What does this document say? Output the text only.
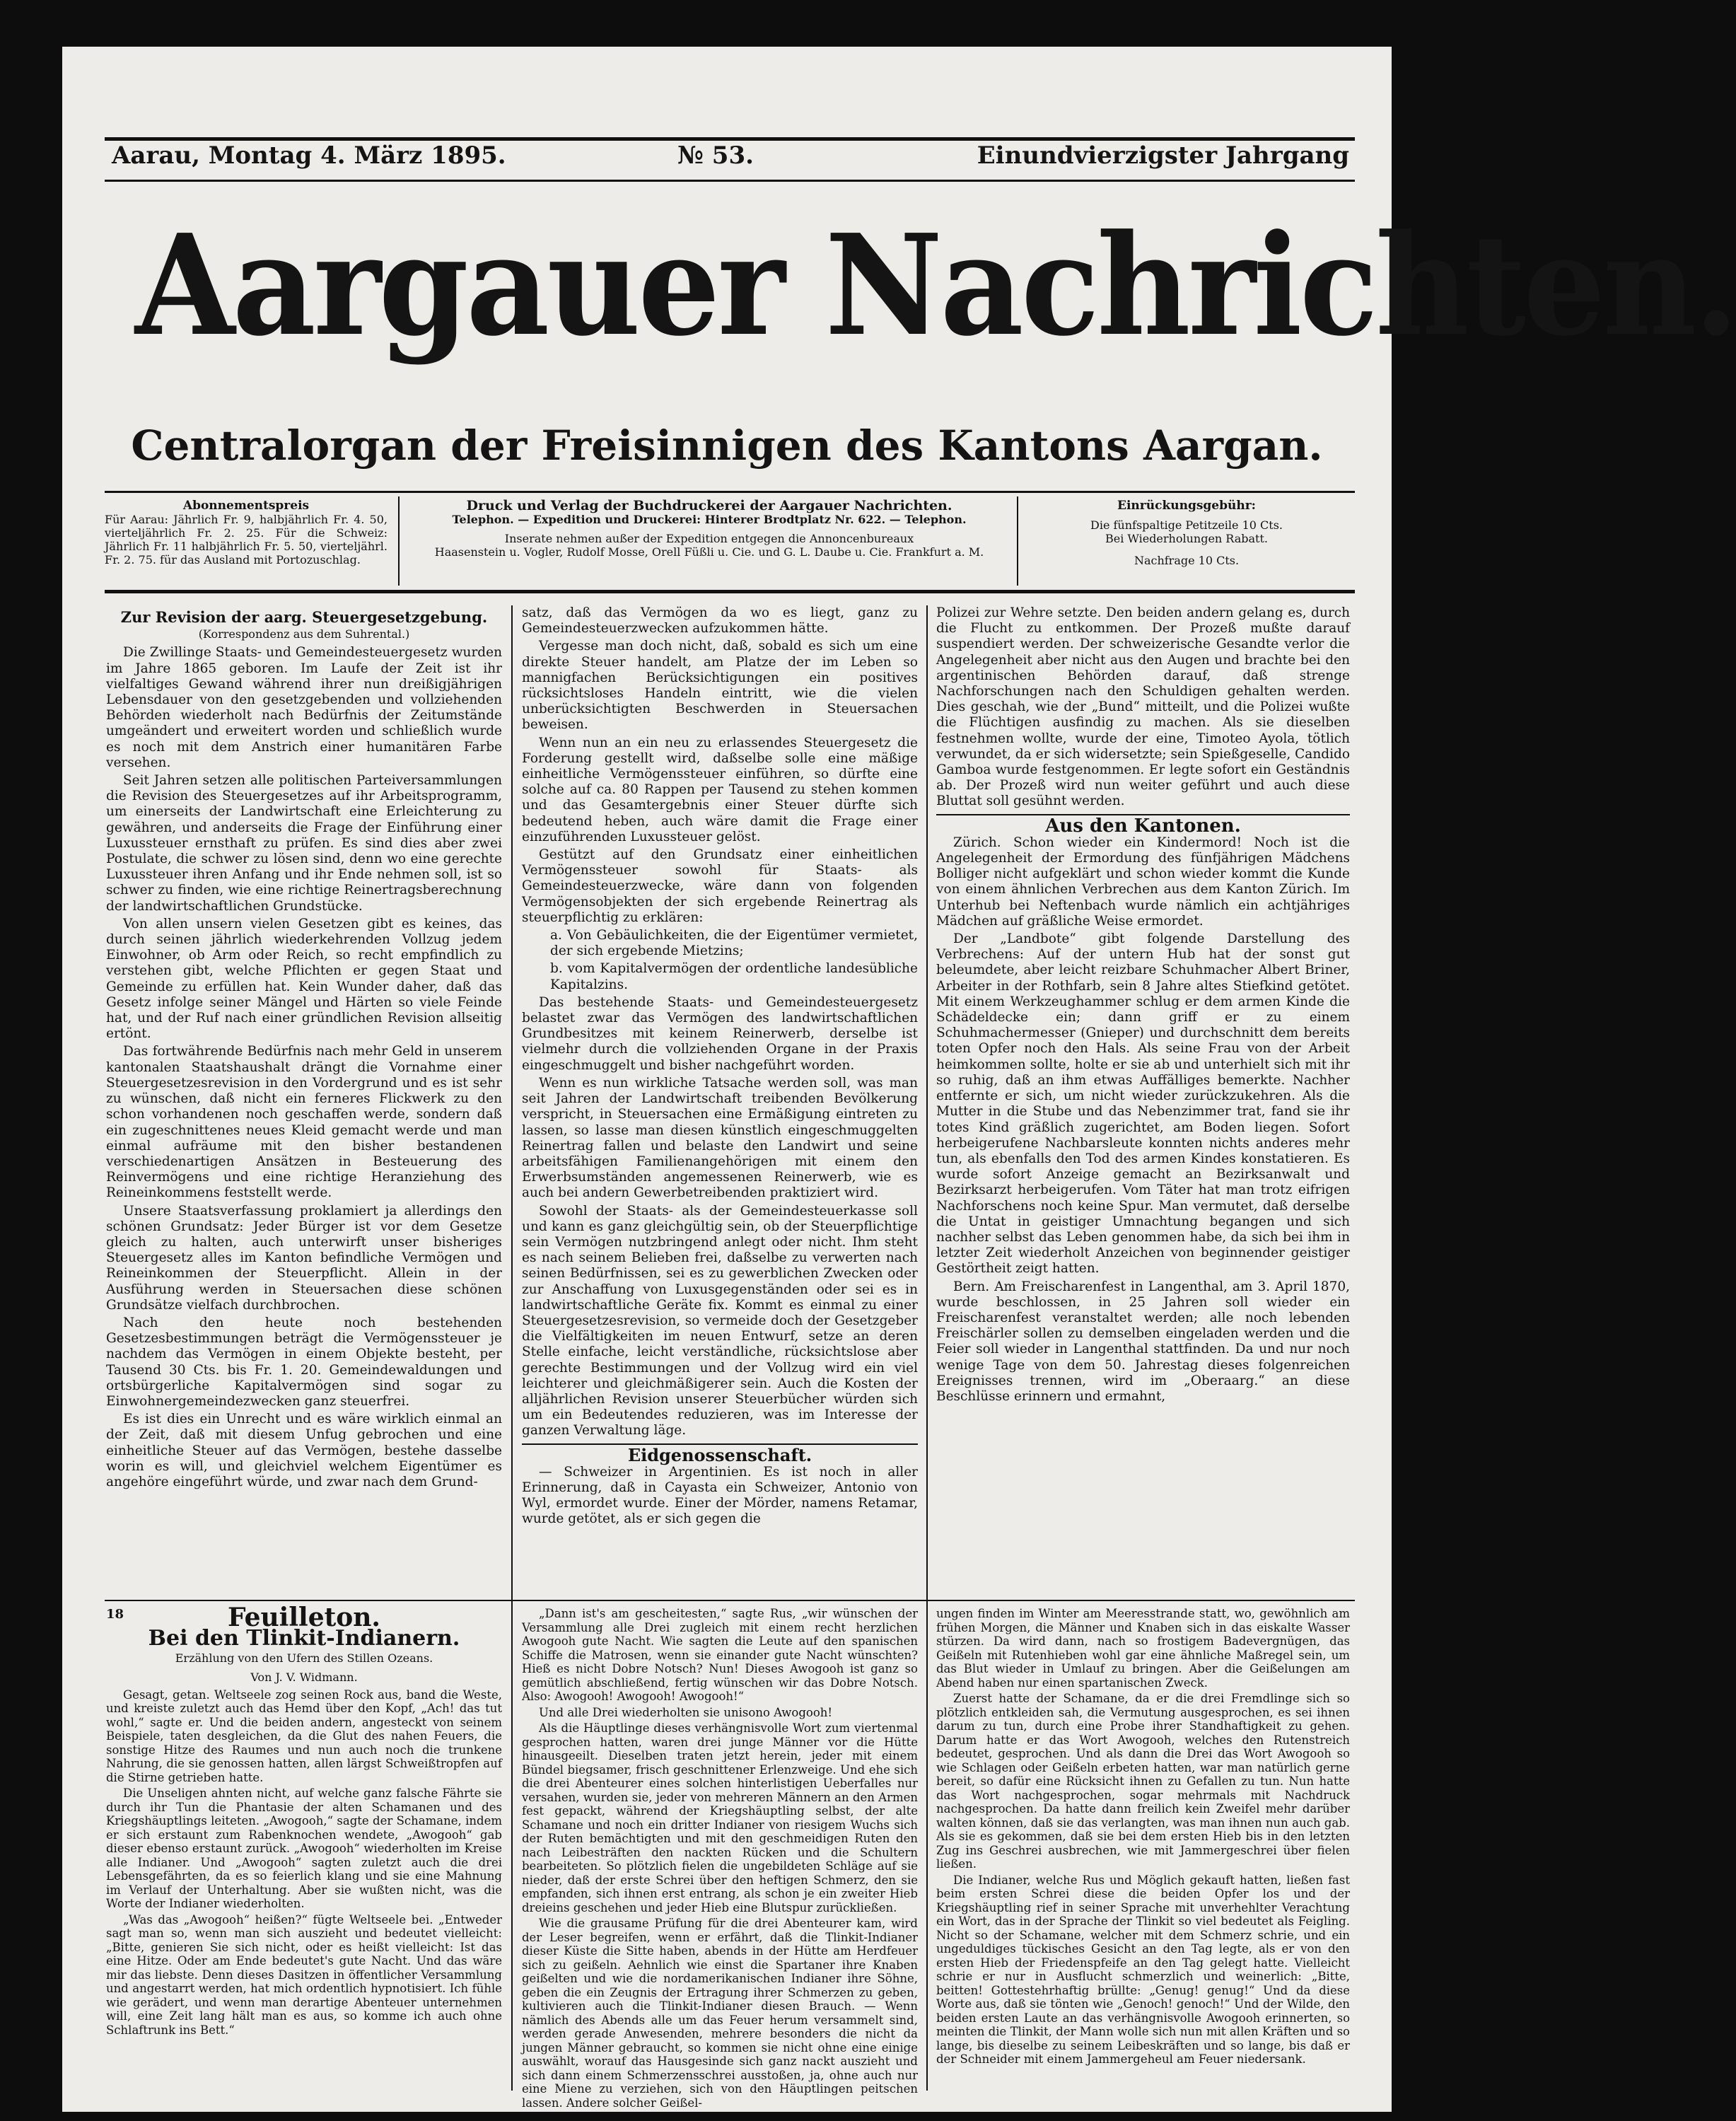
Aarau, Montag 4. März 1895.	№ 53.	Einundvierzigster Jahrgang
Aargauer Nachrichten.
Centralorgan der Freisinnigen des Kantons Aargan.
Abonnementspreis
Für Aarau: Jährlich Fr. 9, halbjährlich Fr. 4. 50, vierteljährlich Fr. 2. 25. Für die Schweiz: Jährlich Fr. 11 halbjährlich Fr. 5. 50, vierteljährl. Fr. 2. 75. für das Ausland mit Portozuschlag.
Druck und Verlag der Buchdruckerei der Aargauer Nachrichten.
Telephon. — Expedition und Druckerei: Hinterer Brodtplatz Nr. 622. — Telephon.
Inserate nehmen außer der Expedition entgegen die Annoncenbureaux
Haasenstein u. Vogler, Rudolf Mosse, Orell Füßli u. Cie. und G. L. Daube u. Cie. Frankfurt a. M.
Einrückungsgebühr:
Die fünfspaltige Petitzeile 10 Cts.
Bei Wiederholungen Rabatt.
Nachfrage 10 Cts.
Zur Revision der aarg. Steuergesetzgebung.
(Korrespondenz aus dem Suhrental.)

Die Zwillinge Staats- und Gemeindesteuergesetz wurden im Jahre 1865 geboren. Im Laufe der Zeit ist ihr vielfaltiges Gewand während ihrer nun dreißigjährigen Lebensdauer von den gesetzgebenden und vollziehenden Behörden wiederholt nach Bedürfnis der Zeitumstände umgeändert und erweitert worden und schließlich wurde es noch mit dem Anstrich einer humanitären Farbe versehen.

Seit Jahren setzen alle politischen Parteiversammlungen die Revision des Steuergesetzes auf ihr Arbeitsprogramm, um einerseits der Landwirtschaft eine Erleichterung zu gewähren, und anderseits die Frage der Einführung einer Luxussteuer ernsthaft zu prüfen. Es sind dies aber zwei Postulate, die schwer zu lösen sind, denn wo eine gerechte Luxussteuer ihren Anfang und ihr Ende nehmen soll, ist so schwer zu finden, wie eine richtige Reinertragsberechnung der landwirtschaftlichen Grundstücke.

Von allen unsern vielen Gesetzen gibt es keines, das durch seinen jährlich wiederkehrenden Vollzug jedem Einwohner, ob Arm oder Reich, so recht empfindlich zu verstehen gibt, welche Pflichten er gegen Staat und Gemeinde zu erfüllen hat. Kein Wunder daher, daß das Gesetz infolge seiner Mängel und Härten so viele Feinde hat, und der Ruf nach einer gründlichen Revision allseitig ertönt.

Das fortwährende Bedürfnis nach mehr Geld in unserem kantonalen Staatshaushalt drängt die Vornahme einer Steuergesetzesrevision in den Vordergrund und es ist sehr zu wünschen, daß nicht ein ferneres Flickwerk zu den schon vorhandenen noch geschaffen werde, sondern daß ein zugeschnittenes neues Kleid gemacht werde und man einmal aufräume mit den bisher bestandenen verschiedenartigen Ansätzen in Besteuerung des Reinvermögens und eine richtige Heranziehung des Reineinkommens feststellt werde.

Unsere Staatsverfassung proklamiert ja allerdings den schönen Grundsatz: Jeder Bürger ist vor dem Gesetze gleich zu halten, auch unterwirft unser bisheriges Steuergesetz alles im Kanton befindliche Vermögen und Reineinkommen der Steuerpflicht. Allein in der Ausführung werden in Steuersachen diese schönen Grundsätze vielfach durchbrochen.

Nach den heute noch bestehenden Gesetzesbestimmungen beträgt die Vermögenssteuer je nachdem das Vermögen in einem Objekte besteht, per Tausend 30 Cts. bis Fr. 1. 20. Gemeindewaldungen und ortsbürgerliche Kapitalvermögen sind sogar zu Einwohnergemeindezwecken ganz steuerfrei.

Es ist dies ein Unrecht und es wäre wirklich einmal an der Zeit, daß mit diesem Unfug gebrochen und eine einheitliche Steuer auf das Vermögen, bestehe dasselbe worin es will, und gleichviel welchem Eigentümer es angehöre eingeführt würde, und zwar nach dem Grund-

satz, daß das Vermögen da wo es liegt, ganz zu Gemeindesteuerzwecken aufzukommen hätte.

Vergesse man doch nicht, daß, sobald es sich um eine direkte Steuer handelt, am Platze der im Leben so mannigfachen Berücksichtigungen ein positives rücksichtsloses Handeln eintritt, wie die vielen unberücksichtigten Beschwerden in Steuersachen beweisen.

Wenn nun an ein neu zu erlassendes Steuergesetz die Forderung gestellt wird, daßselbe solle eine mäßige einheitliche Vermögenssteuer einführen, so dürfte eine solche auf ca. 80 Rappen per Tausend zu stehen kommen und das Gesamtergebnis einer Steuer dürfte sich bedeutend heben, auch wäre damit die Frage einer einzuführenden Luxussteuer gelöst.

Gestützt auf den Grundsatz einer einheitlichen Vermögenssteuer sowohl für Staats- als Gemeindesteuerzwecke, wäre dann von folgenden Vermögensobjekten der sich ergebende Reinertrag als steuerpflichtig zu erklären:

a. Von Gebäulichkeiten, die der Eigentümer vermietet, der sich ergebende Mietzins;

b. vom Kapitalvermögen der ordentliche landesübliche Kapitalzins.

Das bestehende Staats- und Gemeindesteuergesetz belastet zwar das Vermögen des landwirtschaftlichen Grundbesitzes mit keinem Reinerwerb, derselbe ist vielmehr durch die vollziehenden Organe in der Praxis eingeschmuggelt und bisher nachgeführt worden.

Wenn es nun wirkliche Tatsache werden soll, was man seit Jahren der Landwirtschaft treibenden Bevölkerung verspricht, in Steuersachen eine Ermäßigung eintreten zu lassen, so lasse man diesen künstlich eingeschmuggelten Reinertrag fallen und belaste den Landwirt und seine arbeitsfähigen Familienangehörigen mit einem den Erwerbsumständen angemessenen Reinerwerb, wie es auch bei andern Gewerbetreibenden praktiziert wird.

Sowohl der Staats- als der Gemeindesteuerkasse soll und kann es ganz gleichgültig sein, ob der Steuerpflichtige sein Vermögen nutzbringend anlegt oder nicht. Ihm steht es nach seinem Belieben frei, daßselbe zu verwerten nach seinen Bedürfnissen, sei es zu gewerblichen Zwecken oder zur Anschaffung von Luxusgegenständen oder sei es in landwirtschaftliche Geräte fix. Kommt es einmal zu einer Steuergesetzesrevision, so vermeide doch der Gesetzgeber die Vielfältigkeiten im neuen Entwurf, setze an deren Stelle einfache, leicht verständliche, rücksichtslose aber gerechte Bestimmungen und der Vollzug wird ein viel leichterer und gleichmäßigerer sein. Auch die Kosten der alljährlichen Revision unserer Steuerbücher würden sich um ein Bedeutendes reduzieren, was im Interesse der ganzen Verwaltung läge.

Eidgenossenschaft.

— Schweizer in Argentinien. Es ist noch in aller Erinnerung, daß in Cayasta ein Schweizer, Antonio von Wyl, ermordet wurde. Einer der Mörder, namens Retamar, wurde getötet, als er sich gegen die

Polizei zur Wehre setzte. Den beiden andern gelang es, durch die Flucht zu entkommen. Der Prozeß mußte darauf suspendiert werden. Der schweizerische Gesandte verlor die Angelegenheit aber nicht aus den Augen und brachte bei den argentinischen Behörden darauf, daß strenge Nachforschungen nach den Schuldigen gehalten werden. Dies geschah, wie der „Bund“ mitteilt, und die Polizei wußte die Flüchtigen ausfindig zu machen. Als sie dieselben festnehmen wollte, wurde der eine, Timoteo Ayola, tötlich verwundet, da er sich widersetzte; sein Spießgeselle, Candido Gamboa wurde festgenommen. Er legte sofort ein Geständnis ab. Der Prozeß wird nun weiter geführt und auch diese Bluttat soll gesühnt werden.

Aus den Kantonen.

Zürich. Schon wieder ein Kindermord! Noch ist die Angelegenheit der Ermordung des fünfjährigen Mädchens Bolliger nicht aufgeklärt und schon wieder kommt die Kunde von einem ähnlichen Verbrechen aus dem Kanton Zürich. Im Unterhub bei Neftenbach wurde nämlich ein achtjähriges Mädchen auf gräßliche Weise ermordet.

Der „Landbote“ gibt folgende Darstellung des Verbrechens: Auf der untern Hub hat der sonst gut beleumdete, aber leicht reizbare Schuhmacher Albert Briner, Arbeiter in der Rothfarb, sein 8 Jahre altes Stiefkind getötet. Mit einem Werkzeughammer schlug er dem armen Kinde die Schädeldecke ein; dann griff er zu einem Schuhmachermesser (Gnieper) und durchschnitt dem bereits toten Opfer noch den Hals. Als seine Frau von der Arbeit heimkommen sollte, holte er sie ab und unterhielt sich mit ihr so ruhig, daß an ihm etwas Auffälliges bemerkte. Nachher entfernte er sich, um nicht wieder zurückzukehren. Als die Mutter in die Stube und das Nebenzimmer trat, fand sie ihr totes Kind gräßlich zugerichtet, am Boden liegen. Sofort herbeigerufene Nachbarsleute konnten nichts anderes mehr tun, als ebenfalls den Tod des armen Kindes konstatieren. Es wurde sofort Anzeige gemacht an Bezirksanwalt und Bezirksarzt herbeigerufen. Vom Täter hat man trotz eifrigen Nachforschens noch keine Spur. Man vermutet, daß derselbe die Untat in geistiger Umnachtung begangen und sich nachher selbst das Leben genommen habe, da sich bei ihm in letzter Zeit wiederholt Anzeichen von beginnender geistiger Gestörtheit zeigt hatten.

Bern. Am Freischarenfest in Langenthal, am 3. April 1870, wurde beschlossen, in 25 Jahren soll wieder ein Freischarenfest veranstaltet werden; alle noch lebenden Freischärler sollen zu demselben eingeladen werden und die Feier soll wieder in Langenthal stattfinden. Da und nur noch wenige Tage von dem 50. Jahrestag dieses folgenreichen Ereignisses trennen, wird im „Oberaarg.“ an diese Beschlüsse erinnern und ermahnt,

18	Feuilleton.
Bei den Tlinkit-Indianern.
Erzählung von den Ufern des Stillen Ozeans.
Von J. V. Widmann.

Gesagt, getan. Weltseele zog seinen Rock aus, band die Weste, und kreiste zuletzt auch das Hemd über den Kopf, „Ach! das tut wohl,“ sagte er. Und die beiden andern, angesteckt von seinem Beispiele, taten desgleichen, da die Glut des nahen Feuers, die sonstige Hitze des Raumes und nun auch noch die trunkene Nahrung, die sie genossen hatten, allen lärgst Schweißtropfen auf die Stirne getrieben hatte.

Die Unseligen ahnten nicht, auf welche ganz falsche Fährte sie durch ihr Tun die Phantasie der alten Schamanen und des Kriegshäuptlings leiteten. „Awogooh,“ sagte der Schamane, indem er sich erstaunt zum Rabenknochen wendete, „Awogooh“ gab dieser ebenso erstaunt zurück. „Awogooh“ wiederholten im Kreise alle Indianer. Und „Awogooh“ sagten zuletzt auch die drei Lebensgefährten, da es so feierlich klang und sie eine Mahnung im Verlauf der Unterhaltung. Aber sie wußten nicht, was die Worte der Indianer wiederholten.

„Was das „Awogooh“ heißen?“ fügte Weltseele bei. „Entweder sagt man so, wenn man sich auszieht und bedeutet vielleicht: „Bitte, genieren Sie sich nicht, oder es heißt vielleicht: Ist das eine Hitze. Oder am Ende bedeutet's gute Nacht. Und das wäre mir das liebste. Denn dieses Dasitzen in öffentlicher Versammlung und angestarrt werden, hat mich ordentlich hypnotisiert. Ich fühle wie gerädert, und wenn man derartige Abenteuer unternehmen will, eine Zeit lang hält man es aus, so komme ich auch ohne Schlaftrunk ins Bett.“

„Dann ist's am gescheitesten,“ sagte Rus, „wir wünschen der Versammlung alle Drei zugleich mit einem recht herzlichen Awogooh gute Nacht. Wie sagten die Leute auf den spanischen Schiffe die Matrosen, wenn sie einander gute Nacht wünschten? Hieß es nicht Dobre Notsch? Nun! Dieses Awogooh ist ganz so gemütlich abschließend, fertig wünschen wir das Dobre Notsch. Also: Awogooh! Awogooh! Awogooh!“

Und alle Drei wiederholten sie unisono Awogooh!

Als die Häuptlinge dieses verhängnisvolle Wort zum viertenmal gesprochen hatten, waren drei junge Männer vor die Hütte hinausgeeilt. Dieselben traten jetzt herein, jeder mit einem Bündel biegsamer, frisch geschnittener Erlenzweige. Und ehe sich die drei Abenteurer eines solchen hinterlistigen Ueberfalles nur versahen, wurden sie, jeder von mehreren Männern an den Armen fest gepackt, während der Kriegshäuptling selbst, der alte Schamane und noch ein dritter Indianer von riesigem Wuchs sich der Ruten bemächtigten und mit den geschmeidigen Ruten den nach Leibesträften den nackten Rücken und die Schultern bearbeiteten. So plötzlich fielen die ungebildeten Schläge auf sie nieder, daß der erste Schrei über den heftigen Schmerz, den sie empfanden, sich ihnen erst entrang, als schon je ein zweiter Hieb dreieins geschehen und jeder Hieb eine Blutspur zurückließen.

Wie die grausame Prüfung für die drei Abenteurer kam, wird der Leser begreifen, wenn er erfährt, daß die Tlinkit-Indianer dieser Küste die Sitte haben, abends in der Hütte am Herdfeuer sich zu geißeln. Aehnlich wie einst die Spartaner ihre Knaben geißelten und wie die nordamerikanischen Indianer ihre Söhne, geben die ein Zeugnis der Ertragung ihrer Schmerzen zu geben, kultivieren auch die Tlinkit-Indianer diesen Brauch. — Wenn nämlich des Abends alle um das Feuer herum versammelt sind, werden gerade Anwesenden, mehrere besonders die nicht da jungen Männer gebraucht, so kommen sie nicht ohne eine einige auswählt, worauf das Hausgesinde sich ganz nackt auszieht und sich dann einem Schmerzensschrei ausstoßen, ja, ohne auch nur eine Miene zu verziehen, sich von den Häuptlingen peitschen lassen. Andere solcher Geißel-

ungen finden im Winter am Meeresstrande statt, wo, gewöhnlich am frühen Morgen, die Männer und Knaben sich in das eiskalte Wasser stürzen. Da wird dann, nach so frostigem Badevergnügen, das Geißeln mit Rutenhieben wohl gar eine ähnliche Maßregel sein, um das Blut wieder in Umlauf zu bringen. Aber die Geißelungen am Abend haben nur einen spartanischen Zweck.

Zuerst hatte der Schamane, da er die drei Fremdlinge sich so plötzlich entkleiden sah, die Vermutung ausgesprochen, es sei ihnen darum zu tun, durch eine Probe ihrer Standhaftigkeit zu gehen. Darum hatte er das Wort Awogooh, welches den Rutenstreich bedeutet, gesprochen. Und als dann die Drei das Wort Awogooh so wie Schlagen oder Geißeln erbeten hatten, war man natürlich gerne bereit, so dafür eine Rücksicht ihnen zu Gefallen zu tun. Nun hatte das Wort nachgesprochen, sogar mehrmals mit Nachdruck nachgesprochen. Da hatte dann freilich kein Zweifel mehr darüber walten können, daß sie das verlangten, was man ihnen nun auch gab. Als sie es gekommen, daß sie bei dem ersten Hieb bis in den letzten Zug ins Geschrei ausbrechen, wie mit Jammergeschrei über fielen ließen.

Die Indianer, welche Rus und Möglich gekauft hatten, ließen fast beim ersten Schrei diese die beiden Opfer los und der Kriegshäuptling rief in seiner Sprache mit unverhehlter Verachtung ein Wort, das in der Sprache der Tlinkit so viel bedeutet als Feigling. Nicht so der Schamane, welcher mit dem Schmerz schrie, und ein ungeduldiges tückisches Gesicht an den Tag legte, als er von den ersten Hieb der Friedenspfeife an den Tag gelegt hatte. Vielleicht schrie er nur in Ausflucht schmerzlich und weinerlich: „Bitte, beitten! Gottestehrhaftig brüllte: „Genug! genug!“ Und da diese Worte aus, daß sie tönten wie „Genoch! genoch!“ Und der Wilde, den beiden ersten Laute an das verhängnisvolle Awogooh erinnerten, so meinten die Tlinkit, der Mann wolle sich nun mit allen Kräften und so lange, bis dieselbe zu seinem Leibeskräften und so lange, bis daß er der Schneider mit einem Jammergeheul am Feuer niedersank.
